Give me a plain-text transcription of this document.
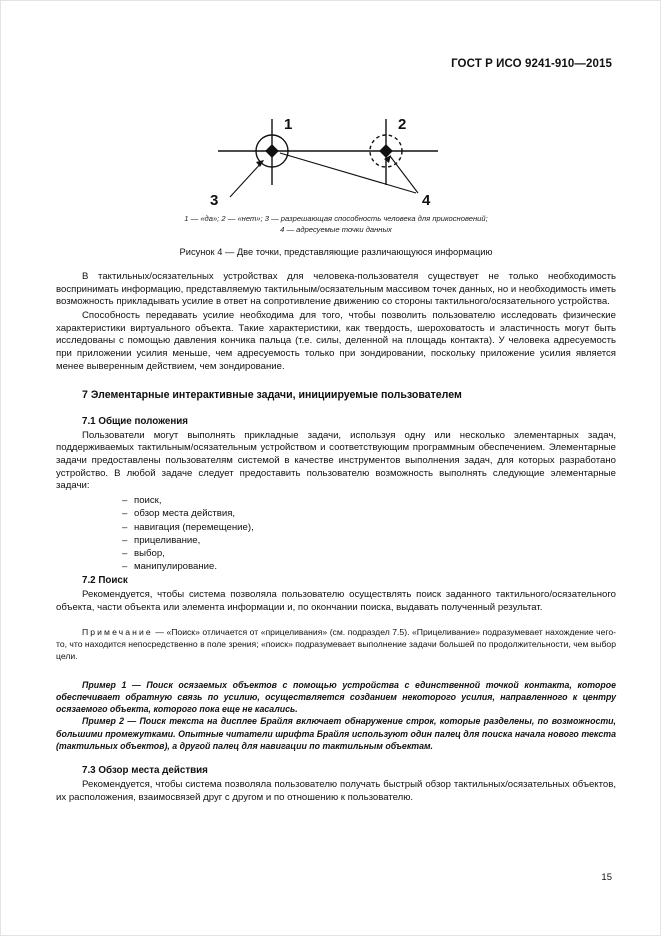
ГОСТ Р ИСО 9241-910—2015
1	2
3	4
1 — «да»; 2 — «нет»; 3 — разрешающая способность человека для прикосновений;
4 — адресуемые точки данных
Рисунок 4 — Две точки, представляющие различающуюся информацию

В тактильных/осязательных устройствах для человека-пользователя существует не только необходимость воспринимать информацию, представляемую тактильным/осязательным массивом точек данных, но и необходимость иметь возможность прикладывать усилие в ответ на сопротивление движению со стороны тактильного/осязательного устройства.

Способность передавать усилие необходима для того, чтобы позволить пользователю исследовать физические характеристики виртуального объекта. Такие характеристики, как твердость, шероховатость и эластичность могут быть исследованы с помощью давления кончика пальца (т.е. силы, деленной на площадь контакта). У человека адресуемость при приложении усилия меньше, чем адресуемость только при зондировании, поскольку приложение усилия является менее выверенным действием, чем зондирование.

7 Элементарные интерактивные задачи, инициируемые пользователем
7.1 Общие положения

Пользователи могут выполнять прикладные задачи, используя одну или несколько элементарных задач, поддерживаемых тактильным/осязательным устройством и соответствующим программным обеспечением. Элементарные задачи предоставлены пользователям системой в качестве инструментов выполнения задач, для которых разработано устройство. В любой задаче следует предоставить пользователю возможность выполнять следующие элементарные задачи:

– поиск,
– обзор места действия,
– навигация (перемещение),
– прицеливание,
– выбор,
– манипулирование.
7.2 Поиск

Рекомендуется, чтобы система позволяла пользователю осуществлять поиск заданного тактильного/осязательного объекта, части объекта или элемента информации и, по окончании поиска, выдавать полученный результат.

Примечание — «Поиск» отличается от «прицеливания» (см. подраздел 7.5). «Прицеливание» подразумевает нахождение чего-то, что находится непосредственно в поле зрения; «поиск» подразумевает выполнение задачи большей по продолжительности, чем выбор цели.

Пример 1 — Поиск осязаемых объектов с помощью устройства с единственной точкой контакта, которое обеспечивает обратную связь по усилию, осуществляется созданием некоторого усилия, направленного к центру осязаемого объекта, которого пока еще не касались.

Пример 2 — Поиск текста на дисплее Брайля включает обнаружение строк, которые разделены, по возможности, большими промежутками. Опытные читатели шрифта Брайля используют один палец для поиска начала нового текста (тактильных объектов), а другой палец для навигации по тактильным объектам.

7.3 Обзор места действия

Рекомендуется, чтобы система позволяла пользователю получать быстрый обзор тактильных/осязательных объектов, их расположения, взаимосвязей друг с другом и по отношению к пользователю.

15
